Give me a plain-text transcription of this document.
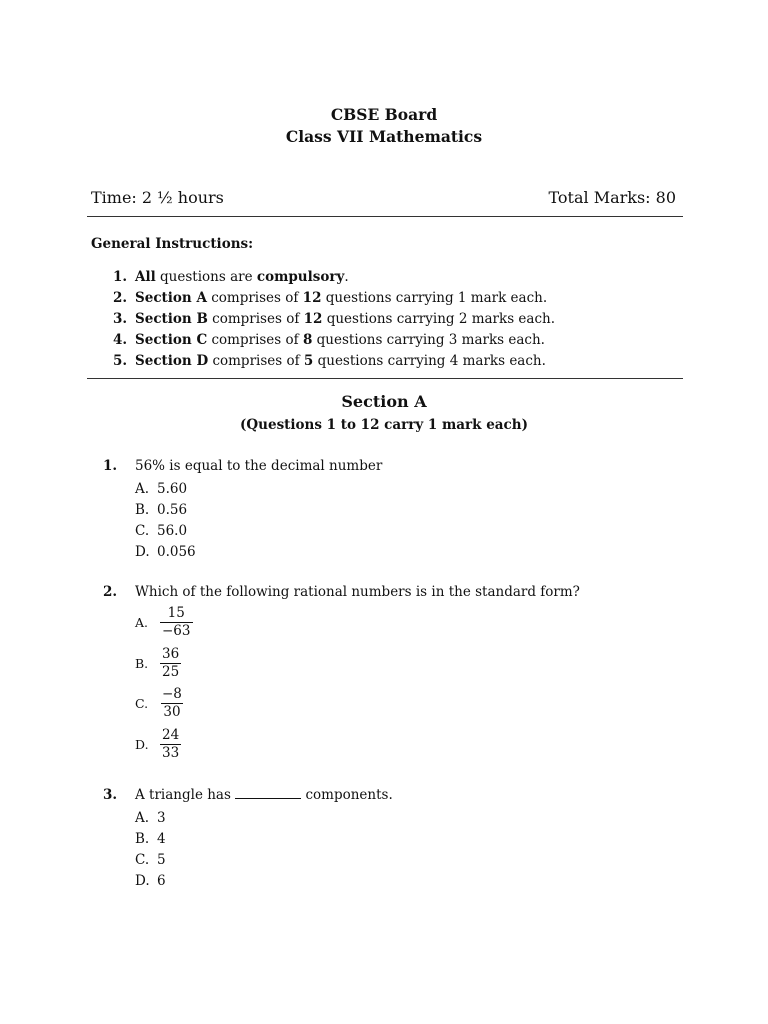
CBSE Board
Class VII Mathematics
Time: 2 ½ hours	Total Marks: 80
General Instructions:
1. All questions are compulsory.
2. Section A comprises of 12 questions carrying 1 mark each.
3. Section B comprises of 12 questions carrying 2 marks each.
4. Section C comprises of 8 questions carrying 3 marks each.
5. Section D comprises of 5 questions carrying 4 marks each.
Section A
(Questions 1 to 12 carry 1 mark each)
1. 56% is equal to the decimal number
A. 5.60
B. 0.56
C. 56.0
D. 0.056
2. Which of the following rational numbers is in the standard form?
A. $\frac{15}{-63}$
B. $\frac{36}{25}$
C. $\frac{-8}{30}$
D. $\frac{24}{33}$
3. A triangle has	components.
A. 3
B. 4
C. 5
D. 6
